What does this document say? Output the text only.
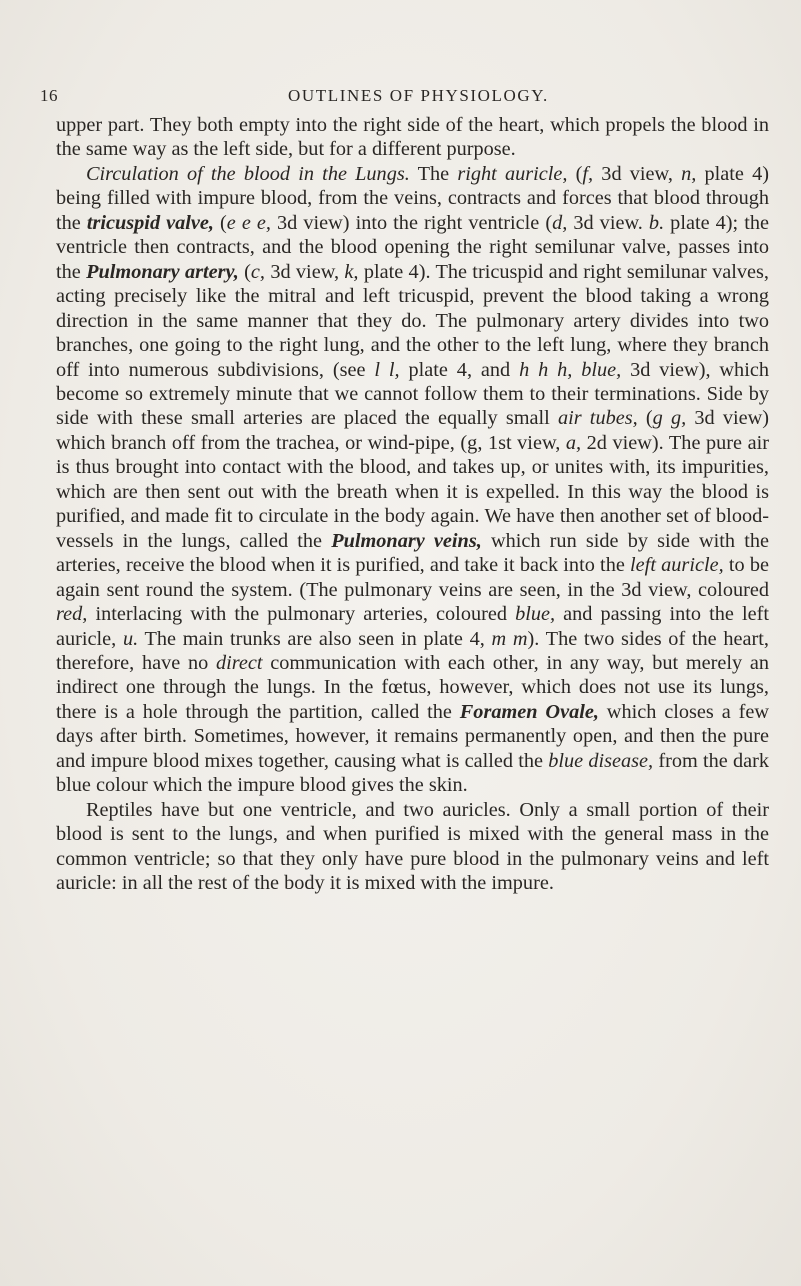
16	OUTLINES OF PHYSIOLOGY.

upper part. They both empty into the right side of the heart, which propels the blood in the same way as the left side, but for a different purpose.

Circulation of the blood in the Lungs. The right auricle, (f, 3d view, n, plate 4) being filled with impure blood, from the veins, contracts and forces that blood through the tricuspid valve, (e e e, 3d view) into the right ventricle (d, 3d view. b. plate 4); the ventricle then contracts, and the blood opening the right semilunar valve, passes into the Pulmonary artery, (c, 3d view, k, plate 4). The tricuspid and right semilunar valves, acting precisely like the mitral and left tricuspid, prevent the blood taking a wrong direction in the same manner that they do. The pulmonary artery divides into two branches, one going to the right lung, and the other to the left lung, where they branch off into numerous subdivisions, (see l l, plate 4, and h h h, blue, 3d view), which become so extremely minute that we cannot follow them to their terminations. Side by side with these small arteries are placed the equally small air tubes, (g g, 3d view) which branch off from the trachea, or wind-pipe, (g, 1st view, a, 2d view). The pure air is thus brought into contact with the blood, and takes up, or unites with, its impurities, which are then sent out with the breath when it is expelled. In this way the blood is purified, and made fit to circulate in the body again. We have then another set of blood-vessels in the lungs, called the Pulmonary veins, which run side by side with the arteries, receive the blood when it is purified, and take it back into the left auricle, to be again sent round the system. (The pulmonary veins are seen, in the 3d view, coloured red, interlacing with the pulmonary arteries, coloured blue, and passing into the left auricle, u. The main trunks are also seen in plate 4, m m). The two sides of the heart, therefore, have no direct communication with each other, in any way, but merely an indirect one through the lungs. In the fœtus, however, which does not use its lungs, there is a hole through the partition, called the Foramen Ovale, which closes a few days after birth. Sometimes, however, it remains permanently open, and then the pure and impure blood mixes together, causing what is called the blue disease, from the dark blue colour which the impure blood gives the skin.

Reptiles have but one ventricle, and two auricles. Only a small portion of their blood is sent to the lungs, and when purified is mixed with the general mass in the common ventricle; so that they only have pure blood in the pulmonary veins and left auricle: in all the rest of the body it is mixed with the impure.
